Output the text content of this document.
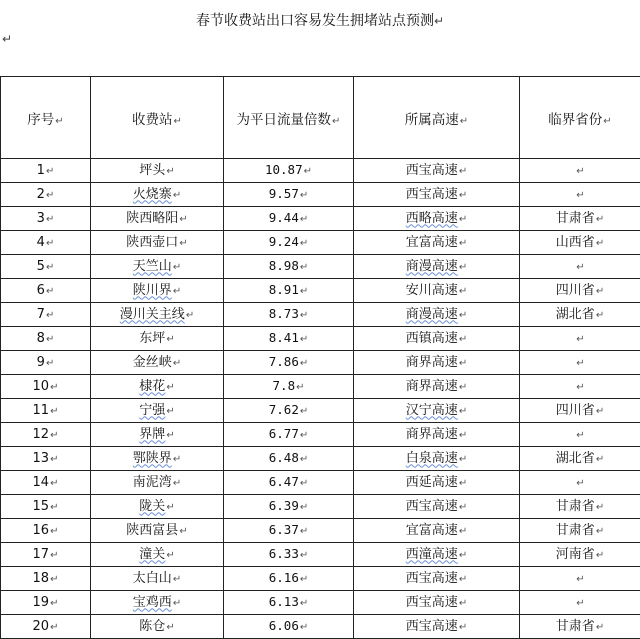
春节收费站出口容易发生拥堵站点预测↵
↵
序号↵	收费站↵	为平日流量倍数↵	所属高速↵	临界省份↵
1↵	坪头↵	10.87↵	西宝高速↵	↵
2↵	火烧寨↵	9.57↵	西宝高速↵	↵
3↵	陕西略阳↵	9.44↵	西略高速↵	甘肃省↵
4↵	陕西壶口↵	9.24↵	宜富高速↵	山西省↵
5↵	天竺山↵	8.98↵	商漫高速↵	↵
6↵	陕川界↵	8.91↵	安川高速↵	四川省↵
7↵	漫川关主线↵	8.73↵	商漫高速↵	湖北省↵
8↵	东坪↵	8.41↵	西镇高速↵	↵
9↵	金丝峡↵	7.86↵	商界高速↵	↵
10↵	棣花↵	7.8↵	商界高速↵	↵
11↵	宁强↵	7.62↵	汉宁高速↵	四川省↵
12↵	界牌↵	6.77↵	商界高速↵	↵
13↵	鄂陕界↵	6.48↵	白泉高速↵	湖北省↵
14↵	南泥湾↵	6.47↵	西延高速↵	↵
15↵	陇关↵	6.39↵	西宝高速↵	甘肃省↵
16↵	陕西富县↵	6.37↵	宜富高速↵	甘肃省↵
17↵	潼关↵	6.33↵	西潼高速↵	河南省↵
18↵	太白山↵	6.16↵	西宝高速↵	↵
19↵	宝鸡西↵	6.13↵	西宝高速↵	↵
20↵	陈仓↵	6.06↵	西宝高速↵	甘肃省↵
